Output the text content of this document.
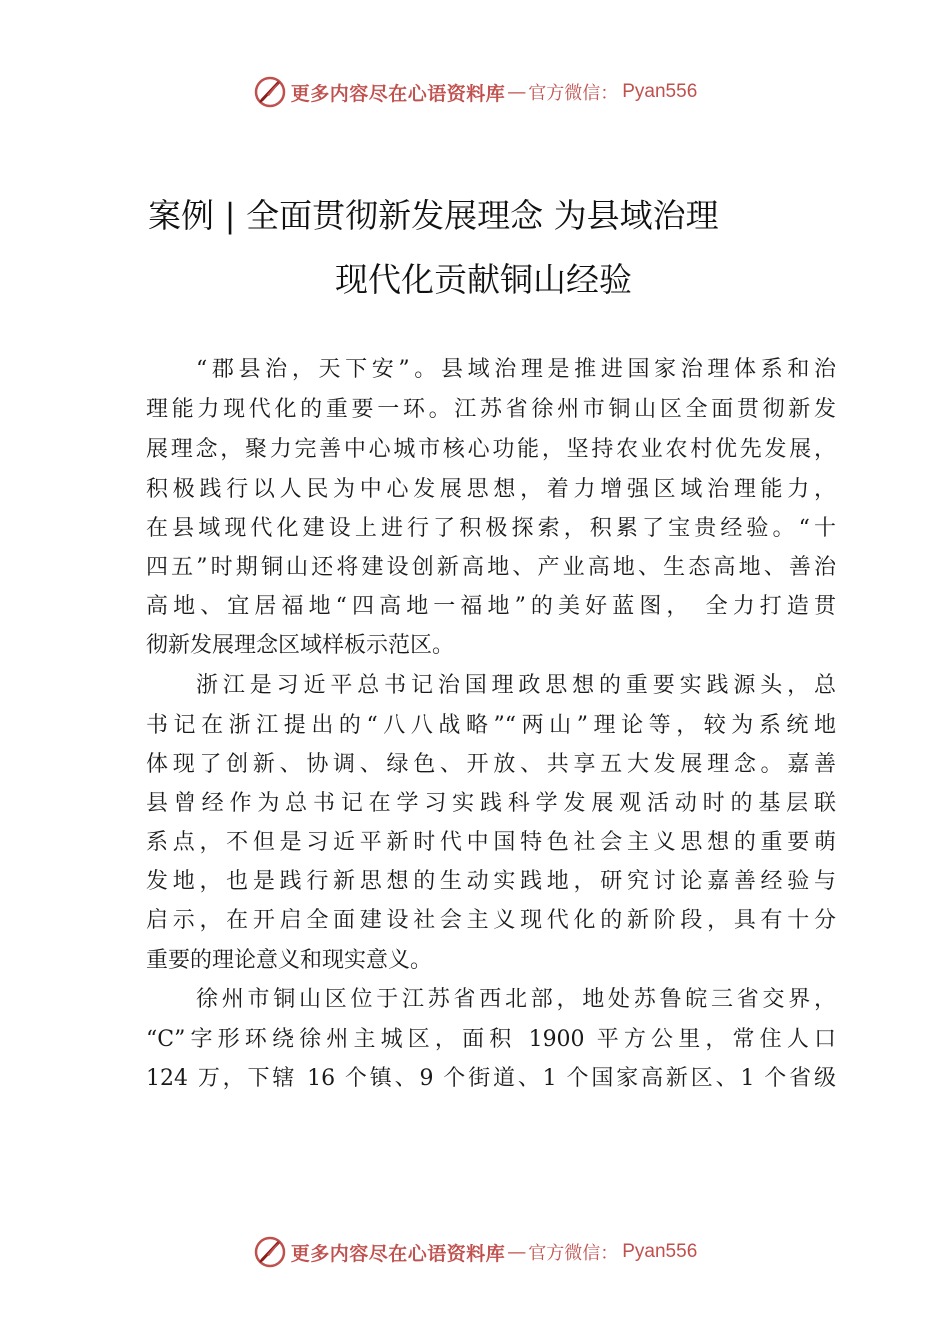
更多内容尽在心语资料库 — 官方微信： Pyan556
案例 | 全面贯彻新发展理念 为县域治理
现代化贡献铜山经验
“郡县治，天下安”。县域治理是推进国家治理体系和治
理能力现代化的重要一环。江苏省徐州市铜山区全面贯彻新发
展理念，聚力完善中心城市核心功能，坚持农业农村优先发展，
积极践行以人民为中心发展思想，着力增强区域治理能力，
在县域现代化建设上进行了积极探索，积累了宝贵经验。“十
四五”时期铜山还将建设创新高地、产业高地、生态高地、善治
高地、宜居福地“四高地一福地”的美好蓝图， 全力打造贯
彻新发展理念区域样板示范区。
浙江是习近平总书记治国理政思想的重要实践源头，总
书记在浙江提出的“八八战略”“两山”理论等，较为系统地
体现了创新、协调、绿色、开放、共享五大发展理念。嘉善
县曾经作为总书记在学习实践科学发展观活动时的基层联
系点，不但是习近平新时代中国特色社会主义思想的重要萌
发地，也是践行新思想的生动实践地，研究讨论嘉善经验与
启示，在开启全面建设社会主义现代化的新阶段，具有十分
重要的理论意义和现实意义。
徐州市铜山区位于江苏省西北部，地处苏鲁皖三省交界，
“C”字形环绕徐州主城区，面积 1900 平方公里，常住人口
124 万，下辖 16 个镇、9 个街道、1 个国家高新区、1 个省级
更多内容尽在心语资料库 — 官方微信： Pyan556
